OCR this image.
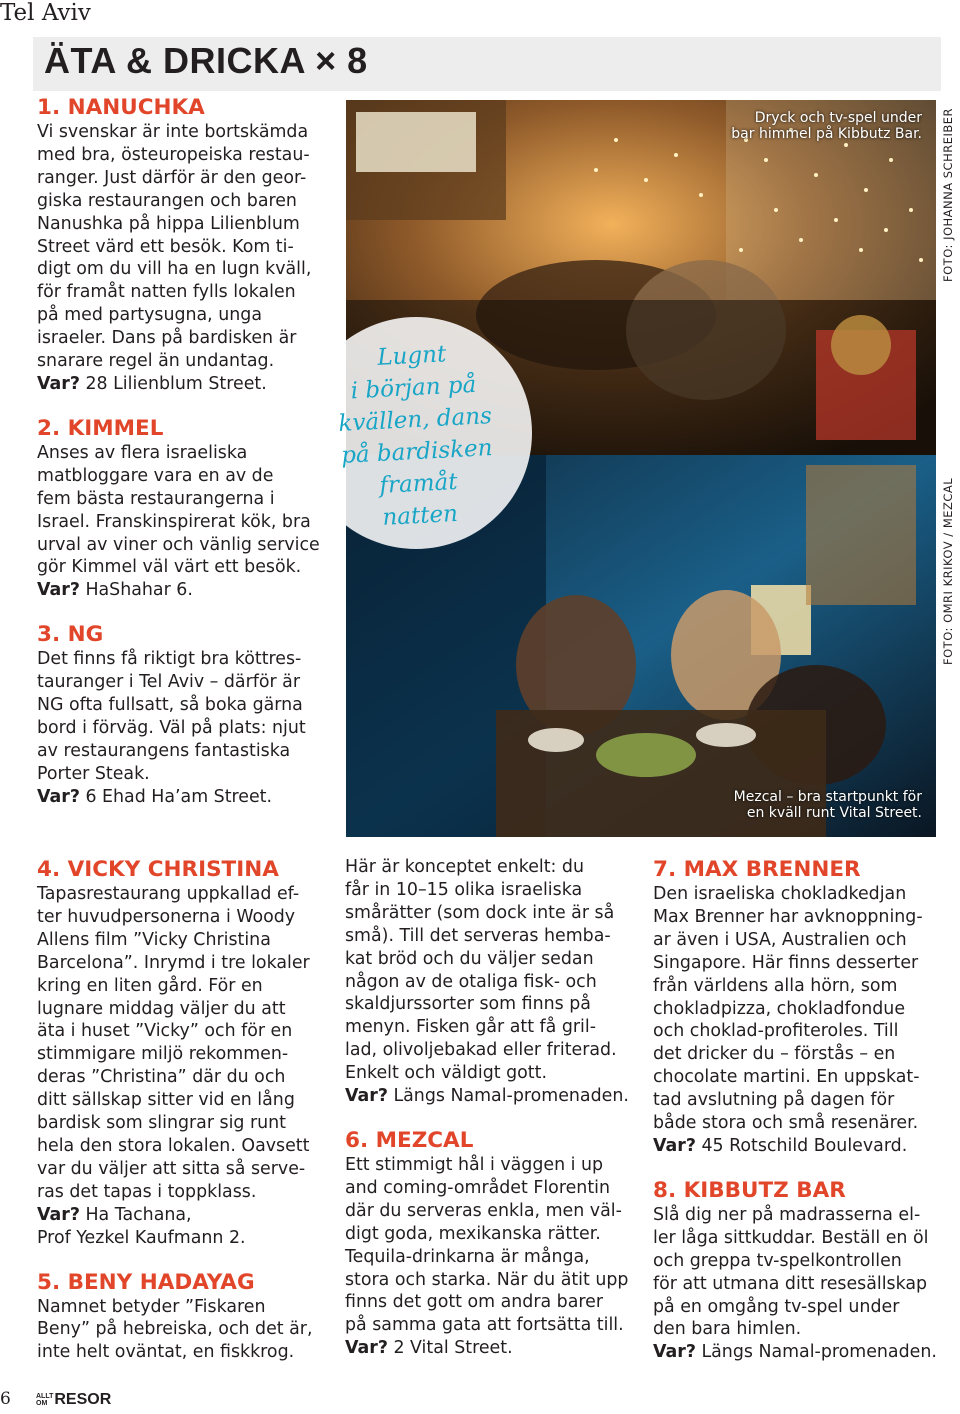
Tel Aviv
ÄTA & DRICKA × 8
1. NANUCHKA

Vi svenskar är inte bortskämda

med bra, östeuropeiska restau-

ranger. Just därför är den geor-

giska restaurangen och baren

Nanushka på hippa Lilienblum

Street värd ett besök. Kom ti-

digt om du vill ha en lugn kväll,

för framåt natten fylls lokalen

på med partysugna, unga

israeler. Dans på bardisken är

snarare regel än undantag.

Var? 28 Lilienblum Street.

2. KIMMEL

Anses av flera israeliska

matbloggare vara en av de

fem bästa restaurangerna i

Israel. Franskinspirerat kök, bra

urval av viner och vänlig service

gör Kimmel väl värt ett besök.

Var? HaShahar 6.

3. NG

Det finns få riktigt bra köttres-

tauranger i Tel Aviv – därför är

NG ofta fullsatt, så boka gärna

bord i förväg. Väl på plats: njut

av restaurangens fantastiska

Porter Steak.

Var? 6 Ehad Ha’am Street.

Dryck och tv-spel under
bar himmel på Kibbutz Bar.
Mezcal – bra startpunkt för
en kväll runt Vital Street.
FOTO: JOHANNA SCHREIBER
FOTO: OMRI KRIKOV / MEZCAL
Lugnt
i början på
kvällen, dans
på bardisken
framåt
natten
4. VICKY CHRISTINA

Tapasrestaurang uppkallad ef-

ter huvudpersonerna i Woody

Allens film ”Vicky Christina

Barcelona”. Inrymd i tre lokaler

kring en liten gård. För en

lugnare middag väljer du att

äta i huset ”Vicky” och för en

stimmigare miljö rekommen-

deras ”Christina” där du och

ditt sällskap sitter vid en lång

bardisk som slingrar sig runt

hela den stora lokalen. Oavsett

var du väljer att sitta så serve-

ras det tapas i toppklass.

Var? Ha Tachana,

Prof Yezkel Kaufmann 2.

5. BENY HADAYAG

Namnet betyder ”Fiskaren

Beny” på hebreiska, och det är,

inte helt oväntat, en fiskkrog.

Här är konceptet enkelt: du

får in 10–15 olika israeliska

smårätter (som dock inte är så

små). Till det serveras hemba-

kat bröd och du väljer sedan

någon av de otaliga fisk- och

skaldjurssorter som finns på

menyn. Fisken går att få gril-

lad, olivoljebakad eller friterad.

Enkelt och väldigt gott.

Var? Längs Namal-promenaden.

6. MEZCAL

Ett stimmigt hål i väggen i up

and coming-området Florentin

där du serveras enkla, men väl-

digt goda, mexikanska rätter.

Tequila-drinkarna är många,

stora och starka. När du ätit upp

finns det gott om andra barer

på samma gata att fortsätta till.

Var? 2 Vital Street.

7. MAX BRENNER

Den israeliska chokladkedjan

Max Brenner har avknoppning-

ar även i USA, Australien och

Singapore. Här finns desserter

från världens alla hörn, som

chokladpizza, chokladfondue

och choklad-profiteroles. Till

det dricker du – förstås – en

chocolate martini. En uppskat-

tad avslutning på dagen för

både stora och små resenärer.

Var? 45 Rotschild Boulevard.

8. KIBBUTZ BAR

Slå dig ner på madrasserna el-

ler låga sittkuddar. Beställ en öl

och greppa tv-spelkontrollen

för att utmana ditt resesällskap

på en omgång tv-spel under

den bara himlen.

Var? Längs Namal-promenaden.

6	ALLT
OM RESOR
